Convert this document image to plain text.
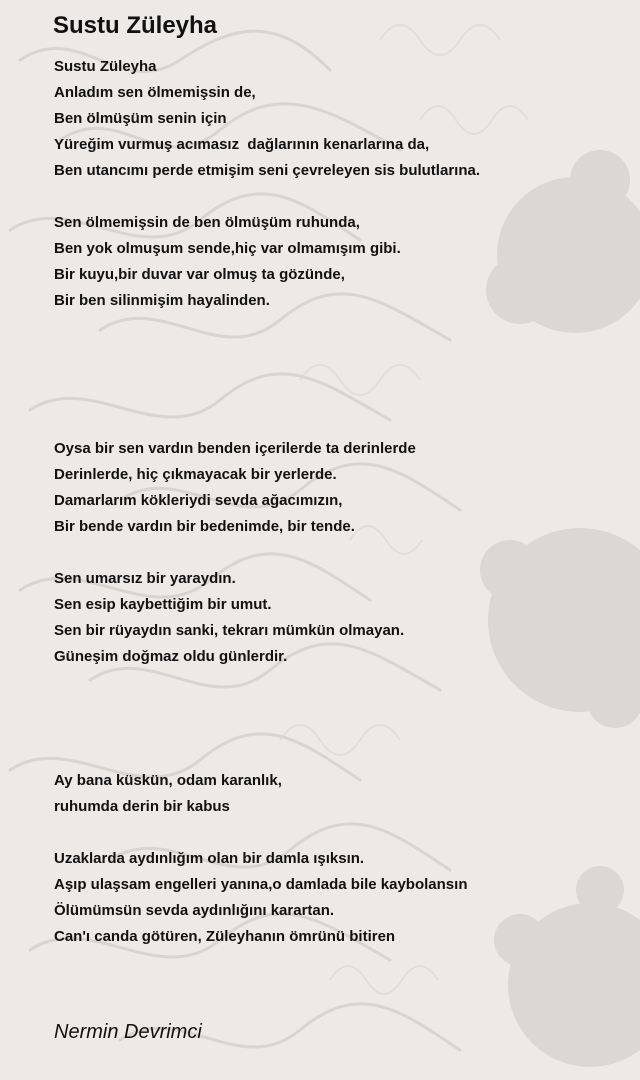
Sustu Züleyha
Sustu Züleyha
Anladım sen ölmemişsin de,
Ben ölmüşüm senin için
Yüreğim vurmuş acımasız  dağlarının kenarlarına da,
Ben utancımı perde etmişim seni çevreleyen sis bulutlarına.
Sen ölmemişsin de ben ölmüşüm ruhunda,
Ben yok olmuşum sende,hiç var olmamışım gibi.
Bir kuyu,bir duvar var olmuş ta gözünde,
Bir ben silinmişim hayalinden.
Oysa bir sen vardın benden içerilerde ta derinlerde
Derinlerde, hiç çıkmayacak bir yerlerde.
Damarlarım kökleriydi sevda ağacımızın,
Bir bende vardın bir bedenimde, bir tende.
Sen umarsız bir yaraydın.
Sen esip kaybettiğim bir umut.
Sen bir rüyaydın sanki, tekrarı mümkün olmayan.
Güneşim doğmaz oldu günlerdir.
Ay bana küskün, odam karanlık,
ruhumda derin bir kabus
Uzaklarda aydınlığım olan bir damla ışıksın.
Aşıp ulaşsam engelleri yanına,o damlada bile kaybolansın
Ölümümsün sevda aydınlığını karartan.
Can'ı canda götüren, Züleyhanın ömrünü bitiren
Nermin Devrimci
